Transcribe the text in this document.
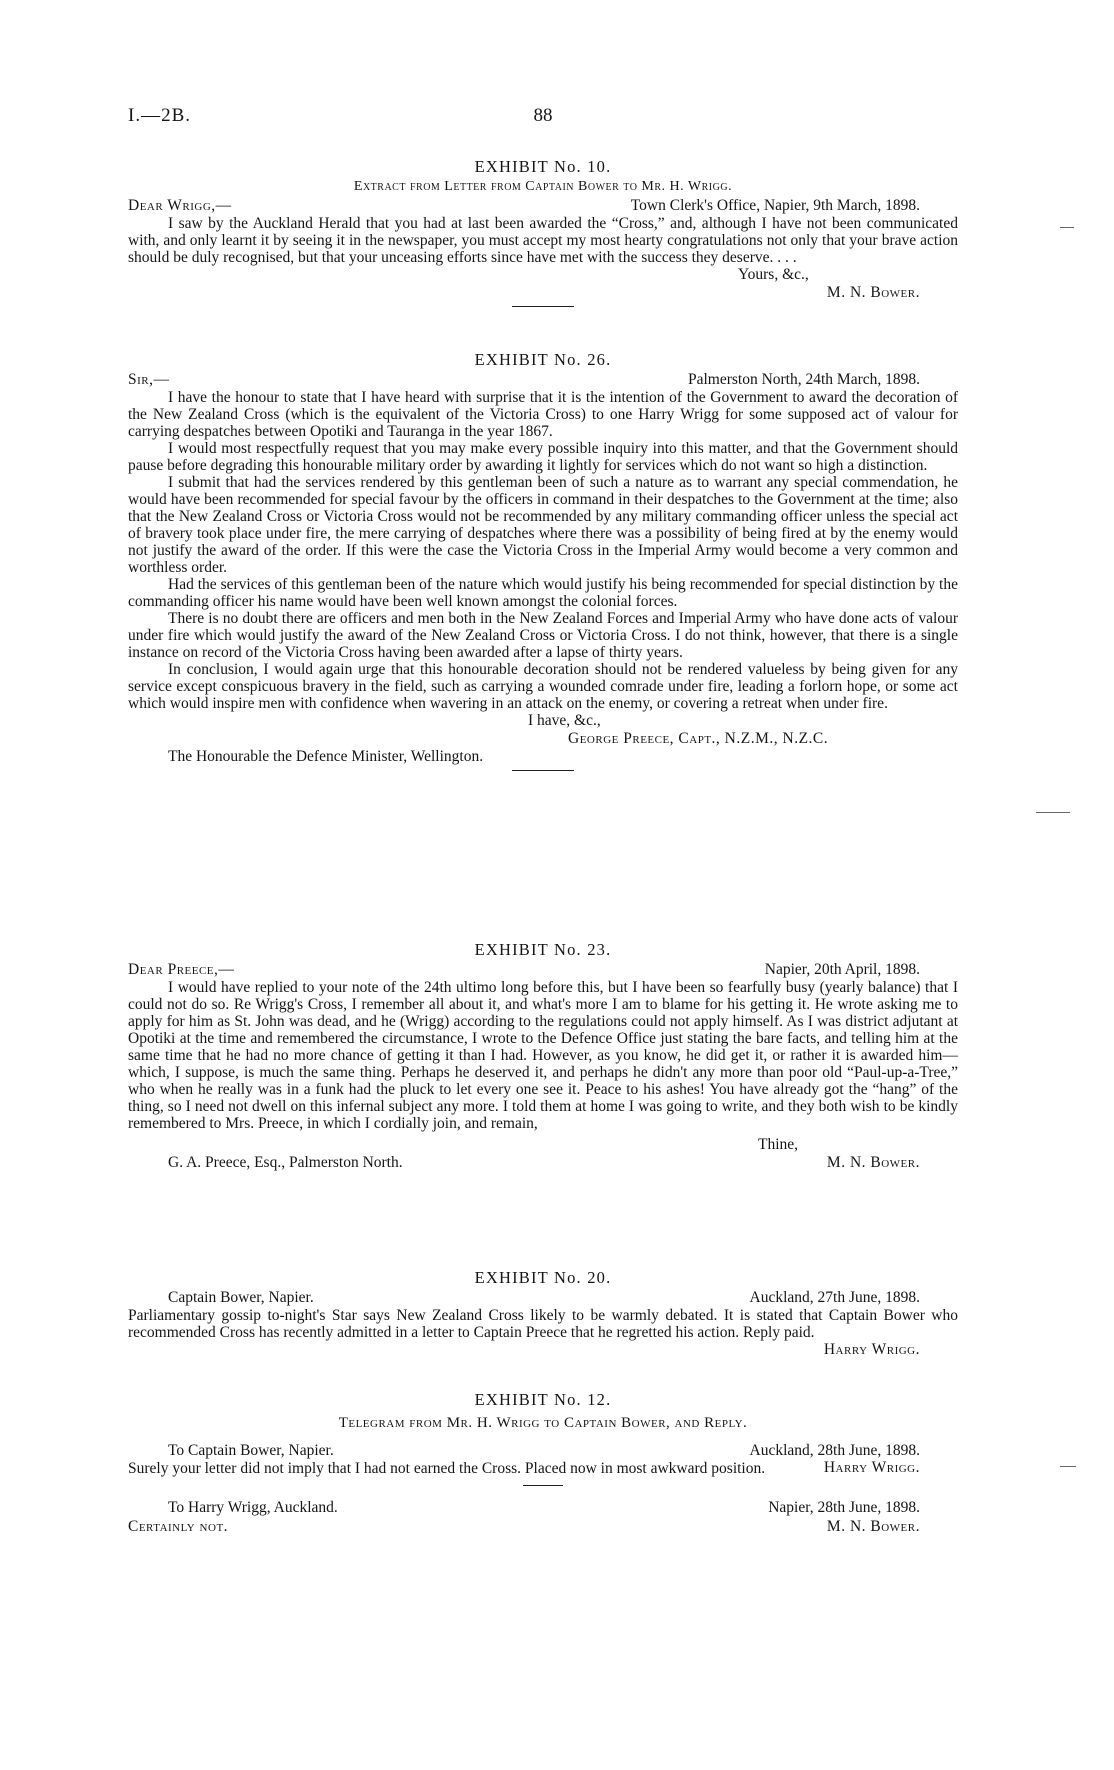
I.—2B.	88
EXHIBIT No. 10.
Extract from Letter from Captain Bower to Mr. H. Wrigg.
Dear Wrigg,—	Town Clerk's Office, Napier, 9th March, 1898.

I saw by the Auckland Herald that you had at last been awarded the “Cross,” and, although I have not been communicated with, and only learnt it by seeing it in the newspaper, you must accept my most hearty congratulations not only that your brave action should be duly recognised, but that your unceasing efforts since have met with the success they deserve. . . .

Yours, &c.,
M. N. Bower.
EXHIBIT No. 26.
Sir,—	Palmerston North, 24th March, 1898.

I have the honour to state that I have heard with surprise that it is the intention of the Government to award the decoration of the New Zealand Cross (which is the equivalent of the Victoria Cross) to one Harry Wrigg for some supposed act of valour for carrying despatches between Opotiki and Tauranga in the year 1867.

I would most respectfully request that you may make every possible inquiry into this matter, and that the Government should pause before degrading this honourable military order by awarding it lightly for services which do not want so high a distinction.

I submit that had the services rendered by this gentleman been of such a nature as to warrant any special commendation, he would have been recommended for special favour by the officers in command in their despatches to the Government at the time; also that the New Zealand Cross or Victoria Cross would not be recommended by any military commanding officer unless the special act of bravery took place under fire, the mere carrying of despatches where there was a possibility of being fired at by the enemy would not justify the award of the order. If this were the case the Victoria Cross in the Imperial Army would become a very common and worthless order.

Had the services of this gentleman been of the nature which would justify his being recommended for special distinction by the commanding officer his name would have been well known amongst the colonial forces.

There is no doubt there are officers and men both in the New Zealand Forces and Imperial Army who have done acts of valour under fire which would justify the award of the New Zealand Cross or Victoria Cross. I do not think, however, that there is a single instance on record of the Victoria Cross having been awarded after a lapse of thirty years.

In conclusion, I would again urge that this honourable decoration should not be rendered valueless by being given for any service except conspicuous bravery in the field, such as carrying a wounded comrade under fire, leading a forlorn hope, or some act which would inspire men with confidence when wavering in an attack on the enemy, or covering a retreat when under fire.

I have, &c.,
George Preece, Capt., N.Z.M., N.Z.C.
The Honourable the Defence Minister, Wellington.
EXHIBIT No. 23.
Dear Preece,—	Napier, 20th April, 1898.

I would have replied to your note of the 24th ultimo long before this, but I have been so fearfully busy (yearly balance) that I could not do so. Re Wrigg's Cross, I remember all about it, and what's more I am to blame for his getting it. He wrote asking me to apply for him as St. John was dead, and he (Wrigg) according to the regulations could not apply himself. As I was district adjutant at Opotiki at the time and remembered the circumstance, I wrote to the Defence Office just stating the bare facts, and telling him at the same time that he had no more chance of getting it than I had. However, as you know, he did get it, or rather it is awarded him—which, I suppose, is much the same thing. Perhaps he deserved it, and perhaps he didn't any more than poor old “Paul-up-a-Tree,” who when he really was in a funk had the pluck to let every one see it. Peace to his ashes! You have already got the “hang” of the thing, so I need not dwell on this infernal subject any more. I told them at home I was going to write, and they both wish to be kindly remembered to Mrs. Preece, in which I cordially join, and remain,

Thine,
G. A. Preece, Esq., Palmerston North.	M. N. Bower.
EXHIBIT No. 20.
Captain Bower, Napier.	Auckland, 27th June, 1898.

Parliamentary gossip to-night's Star says New Zealand Cross likely to be warmly debated. It is stated that Captain Bower who recommended Cross has recently admitted in a letter to Captain Preece that he regretted his action. Reply paid.

Harry Wrigg.
EXHIBIT No. 12.
Telegram from Mr. H. Wrigg to Captain Bower, and Reply.
To Captain Bower, Napier.	Auckland, 28th June, 1898.

Surely your letter did not imply that I had not earned the Cross. Placed now in most awkward position.	Harry Wrigg.
To Harry Wrigg, Auckland.	Napier, 28th June, 1898.
Certainly not.	M. N. Bower.
